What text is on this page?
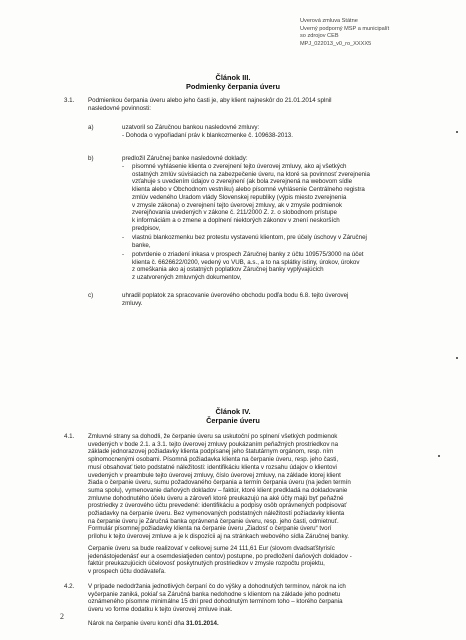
Úverová zmluva Štátne
Úverný podporný MSP a municipalít
so zdrojov CEB
MPJ_022013_v0_ro_XXXX5
Článok III.
Podmienky čerpania úveru
3.1. Podmienkou čerpania úveru alebo jeho časti je, aby klient najneskôr do 21.01.2014 splnil
nasledovné povinnosti:
a)	uzatvoril so Záručnou bankou nasledovné zmluvy:
- Dohoda o vypořiadaní práv k blankozmenke č. 109638-2013.
b)	predložil Záručnej banke nasledovné doklady:
- písomné vyhlásenie klienta o zverejnení tejto úverovej zmluvy, ako aj všetkých
ostatných zmlúv súvisiacich na zabezpečenie úveru, na ktoré sa povinnosť zverejnenia
vzťahuje s uvedením údajov o zverejnení (ak bola zverejnená na webovom sídle
klienta alebo v Obchodnom vestníku) alebo písomné vyhlásenie Centrálneho registra
zmlúv vedeného Úradom vlády Slovenskej republiky (výpis miesto zverejnenia
v zmysle zákona) o zverejnení tejto úverovej zmluvy, ak v zmysle podmienok
zverejňovania uvedených v zákone č. 211/2000 Z. z. o slobodnom prístupe
k informáciám a o zmene a doplnení niektorých zákonov v znení neskorších
predpisov,
- vlastnú blankozmenku bez protestu vystavenú klientom, pre účely úschovy v Záručnej
banke,
- potvrdenie o zriadení inkasa v prospech Záručnej banky z účtu 109575/3000 na účet
klienta č. 6626622/0200, vedený vo VÚB, a.s., a to na splátky istiny, úrokov, úrokov
z omeškania ako aj ostatných poplatkov Záručnej banky vyplývajúcich
z uzatvorených zmluvných dokumentov,
c)	uhradil poplatok za spracovanie úverového obchodu podľa bodu 6.8. tejto úverovej
zmluvy.
Článok IV.
Čerpanie úveru
4.1. Zmluvné strany sa dohodli, že čerpanie úveru sa uskutoční po splnení všetkých podmienok
uvedených v bode 2.1. a 3.1. tejto úverovej zmluvy poukázaním peňažných prostriedkov na
základe jednorazovej požiadavky klienta podpísanej jeho štatutárnym orgánom, resp. ním
splnomocnenými osobami. Písomná požiadavka klienta na čerpanie úveru, resp. jeho časti,
musí obsahovať tieto podstatné náležitosti: identifikáciu klienta v rozsahu údajov o klientovi
uvedených v preambule tejto úverovej zmluvy, číslo úverovej zmluvy, na základe ktorej klient
žiada o čerpanie úveru, sumu požadovaného čerpania a termín čerpania úveru (na jeden termín
suma spolu), vymenovanie daňových dokladov – faktúr, ktoré klient predkladá na dokladovanie
zmluvne dohodnutého účelu úveru a zároveň ktoré preukazujú na aké účty majú byť peňažné
prostriedky z úverového účtu prevedené: identifikáciu a podpisy osôb oprávnených podpisovať
požiadavky na čerpanie úveru. Bez vymenovaných podstatných náležitostí požiadavky klienta
na čerpanie úveru je Záručná banka oprávnená čerpanie úveru, resp. jeho časti, odmietnuť.
Formulár písomnej požiadavky klienta na čerpanie úveru „Žiadosť o čerpanie úveru“ tvorí
prílohu k tejto úverovej zmluve a je k dispozícii aj na stránkach webového sídla Záručnej banky.
Čerpanie úveru sa bude realizovať v celkovej sume 24 111,61 Eur (slovom dvadsaťštyrisíc
jedenástojedenásť eur a osemdesiatjeden centov) postupne, po predložení daňových dokladov -
faktúr preukazujúcich účelovosť poskytnutých prostriedkov v zmysle rozpočtu projektu,
v prospech účtu dodávateľa.
4.2. V prípade nedodržania jednotlivých čerpaní čo do výšky a dohodnutých termínov, nárok na ich
vyčerpanie zaniká, pokiaľ sa Záručná banka nedohodne s klientom na základe jeho podnetu
oznámeného písomne minimálne 15 dní pred dohodnutým termínom toho – ktorého čerpania
úveru vo forme dodatku k tejto úverovej zmluve inak.
Nárok na čerpanie úveru končí dňa 31.01.2014.
2
